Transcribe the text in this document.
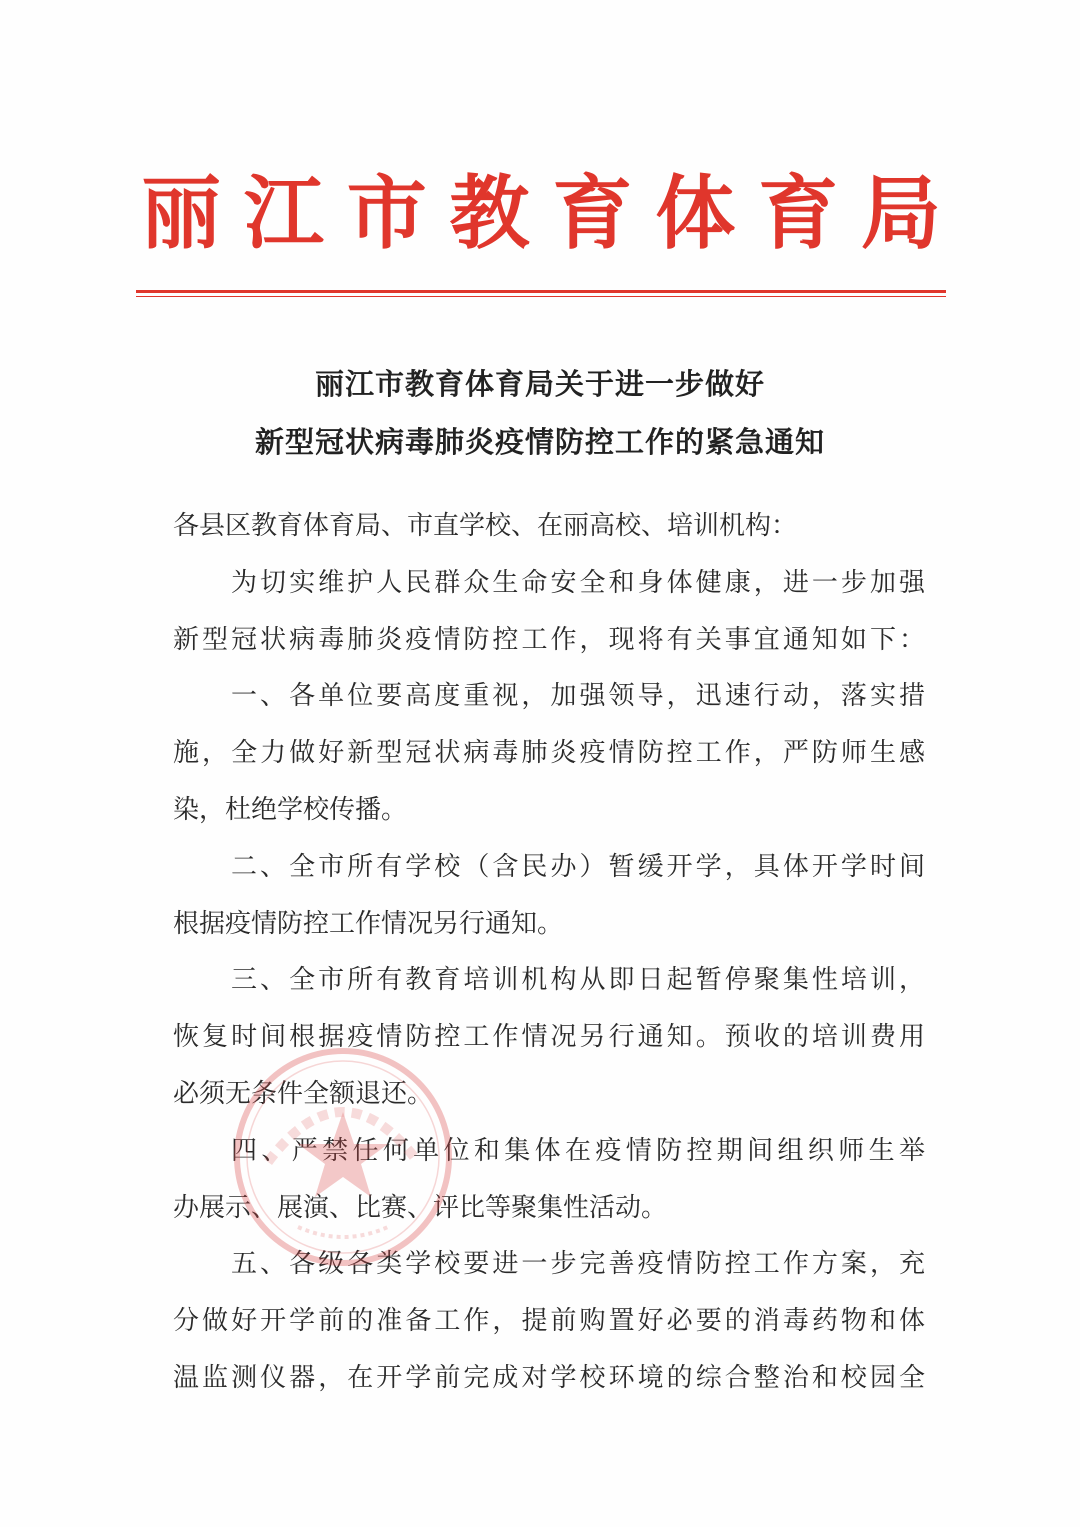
丽 江 市 教 育 体 育 局
丽江市教育体育局关于进一步做好
新型冠状病毒肺炎疫情防控工作的紧急通知
各县区教育体育局、市直学校、在丽高校、培训机构：
为切实维护人民群众生命安全和身体健康，进一步加强
新型冠状病毒肺炎疫情防控工作，现将有关事宜通知如下：
一、各单位要高度重视，加强领导，迅速行动，落实措
施，全力做好新型冠状病毒肺炎疫情防控工作，严防师生感
染，杜绝学校传播。
二、全市所有学校（含民办）暂缓开学，具体开学时间
根据疫情防控工作情况另行通知。
三、全市所有教育培训机构从即日起暂停聚集性培训，
恢复时间根据疫情防控工作情况另行通知。预收的培训费用
必须无条件全额退还。
四、严禁任何单位和集体在疫情防控期间组织师生举
办展示、展演、比赛、评比等聚集性活动。
五、各级各类学校要进一步完善疫情防控工作方案，充
分做好开学前的准备工作，提前购置好必要的消毒药物和体
温监测仪器，在开学前完成对学校环境的综合整治和校园全
